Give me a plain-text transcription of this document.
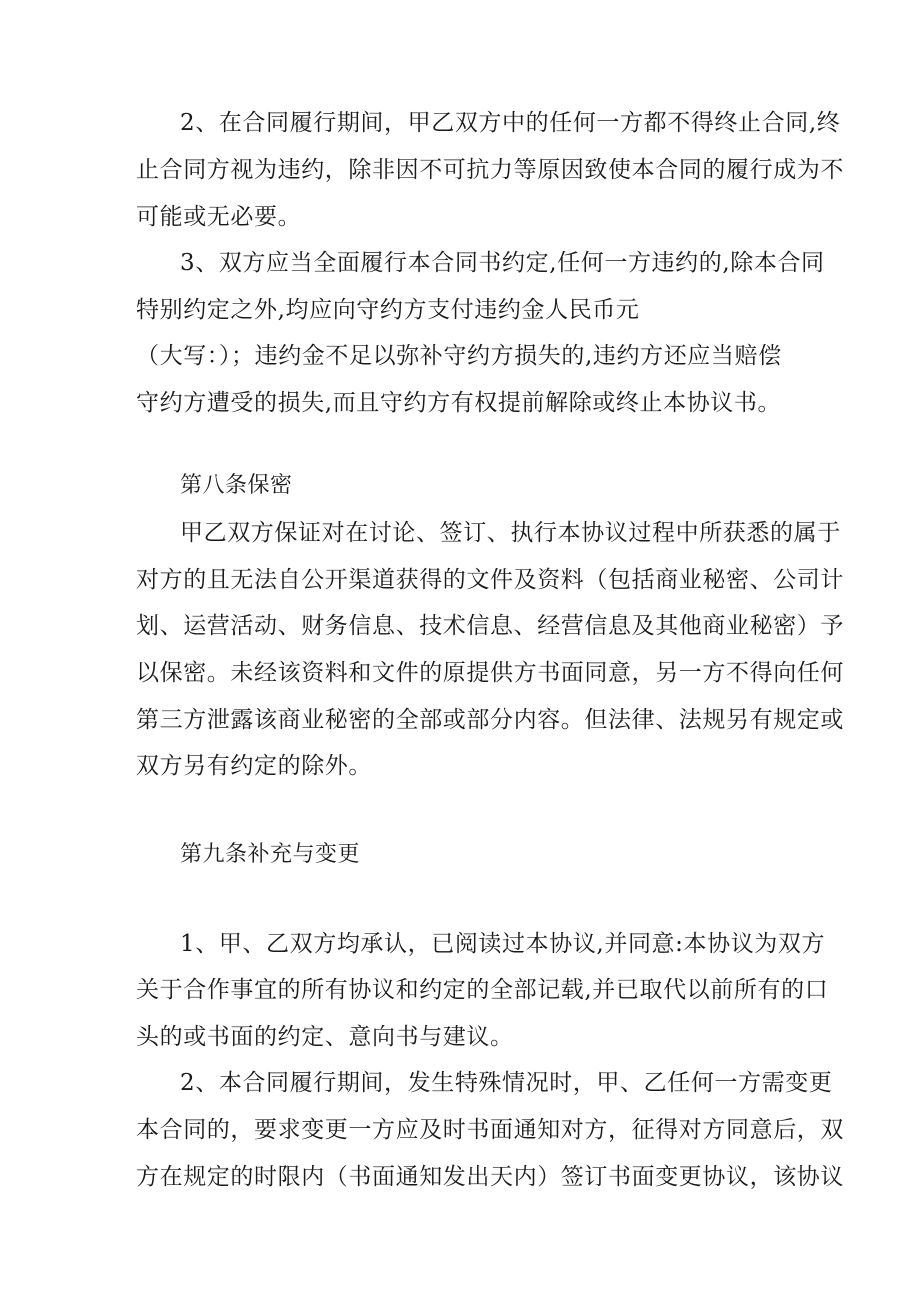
2、在合同履行期间，甲乙双方中的任何一方都不得终止合同,终
止合同方视为违约，除非因不可抗力等原因致使本合同的履行成为不
可能或无必要。
3、双方应当全面履行本合同书约定,任何一方违约的,除本合同
特别约定之外,均应向守约方支付违约金人民币元
（大写：）；违约金不足以弥补守约方损失的,违约方还应当赔偿
守约方遭受的损失,而且守约方有权提前解除或终止本协议书。
第八条保密
甲乙双方保证对在讨论、签订、执行本协议过程中所获悉的属于
对方的且无法自公开渠道获得的文件及资料（包括商业秘密、公司计
划、运营活动、财务信息、技术信息、经营信息及其他商业秘密）予
以保密。未经该资料和文件的原提供方书面同意，另一方不得向任何
第三方泄露该商业秘密的全部或部分内容。但法律、法规另有规定或
双方另有约定的除外。
第九条补充与变更
1、甲、乙双方均承认，已阅读过本协议,并同意:本协议为双方
关于合作事宜的所有协议和约定的全部记载,并已取代以前所有的口
头的或书面的约定、意向书与建议。
2、本合同履行期间，发生特殊情况时，甲、乙任何一方需变更
本合同的，要求变更一方应及时书面通知对方，征得对方同意后，双
方在规定的时限内（书面通知发出天内）签订书面变更协议，该协议
